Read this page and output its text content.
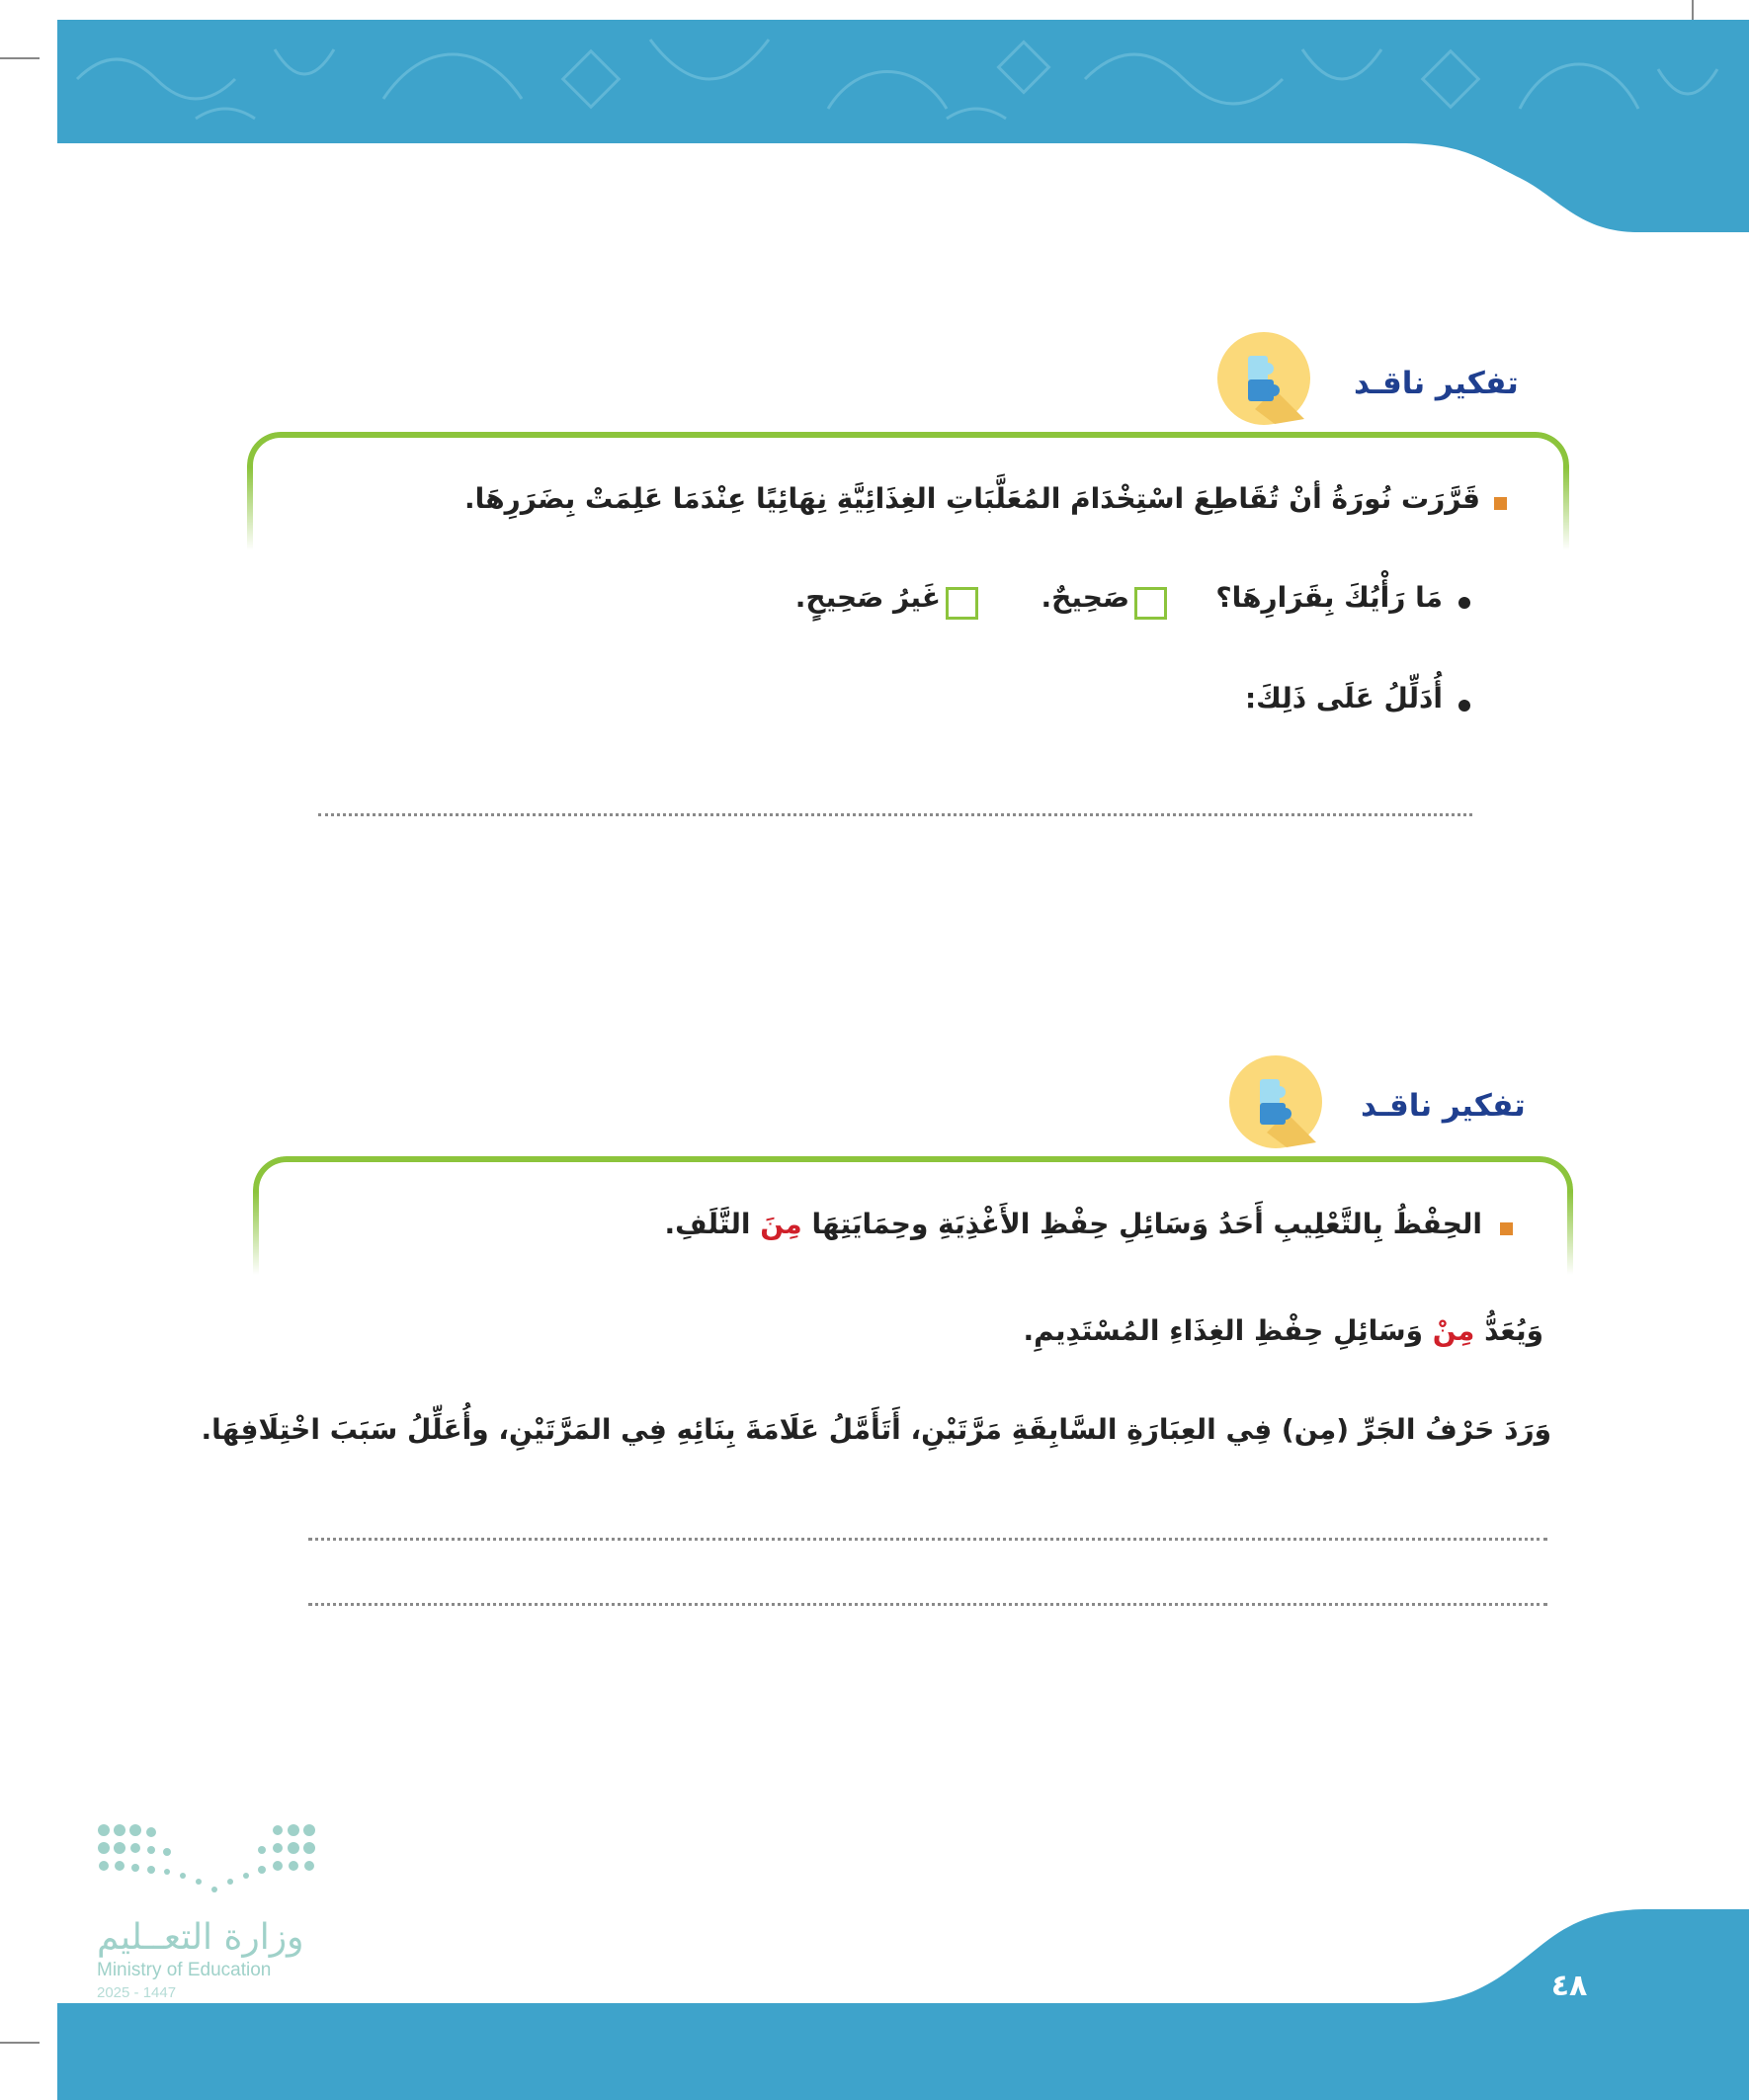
تفكير ناقـد
قَرَّرَت نُورَةُ أنْ تُقَاطِعَ اسْتِخْدَامَ المُعَلَّبَاتِ الغِذَائِيَّةِ نِهَائِيًا عِنْدَمَا عَلِمَتْ بِضَرَرِهَا.
مَا رَأْيُكَ بِقَرَارِهَا؟
صَحِيحٌ.
غَيرُ صَحِيحٍ.
أُدَلِّلُ عَلَى ذَلِكَ:
تفكير ناقـد
الحِفْظُ بِالتَّعْلِيبِ أَحَدُ وَسَائِلِ حِفْظِ الأَغْذِيَةِ وحِمَايَتِهَا مِنَ التَّلَفِ.
وَيُعَدُّ مِنْ وَسَائِلِ حِفْظِ الغِذَاءِ المُسْتَدِيمِ.
وَرَدَ حَرْفُ الجَرِّ (مِن) فِي العِبَارَةِ السَّابِقَةِ مَرَّتَيْنِ، أَتَأَمَّلُ عَلَامَةَ بِنَائِهِ فِي المَرَّتَيْنِ، وأُعَلِّلُ سَبَبَ اخْتِلَافِهَا.
وزارة التعــليم
Ministry of Education
2025 - 1447	٤٨
